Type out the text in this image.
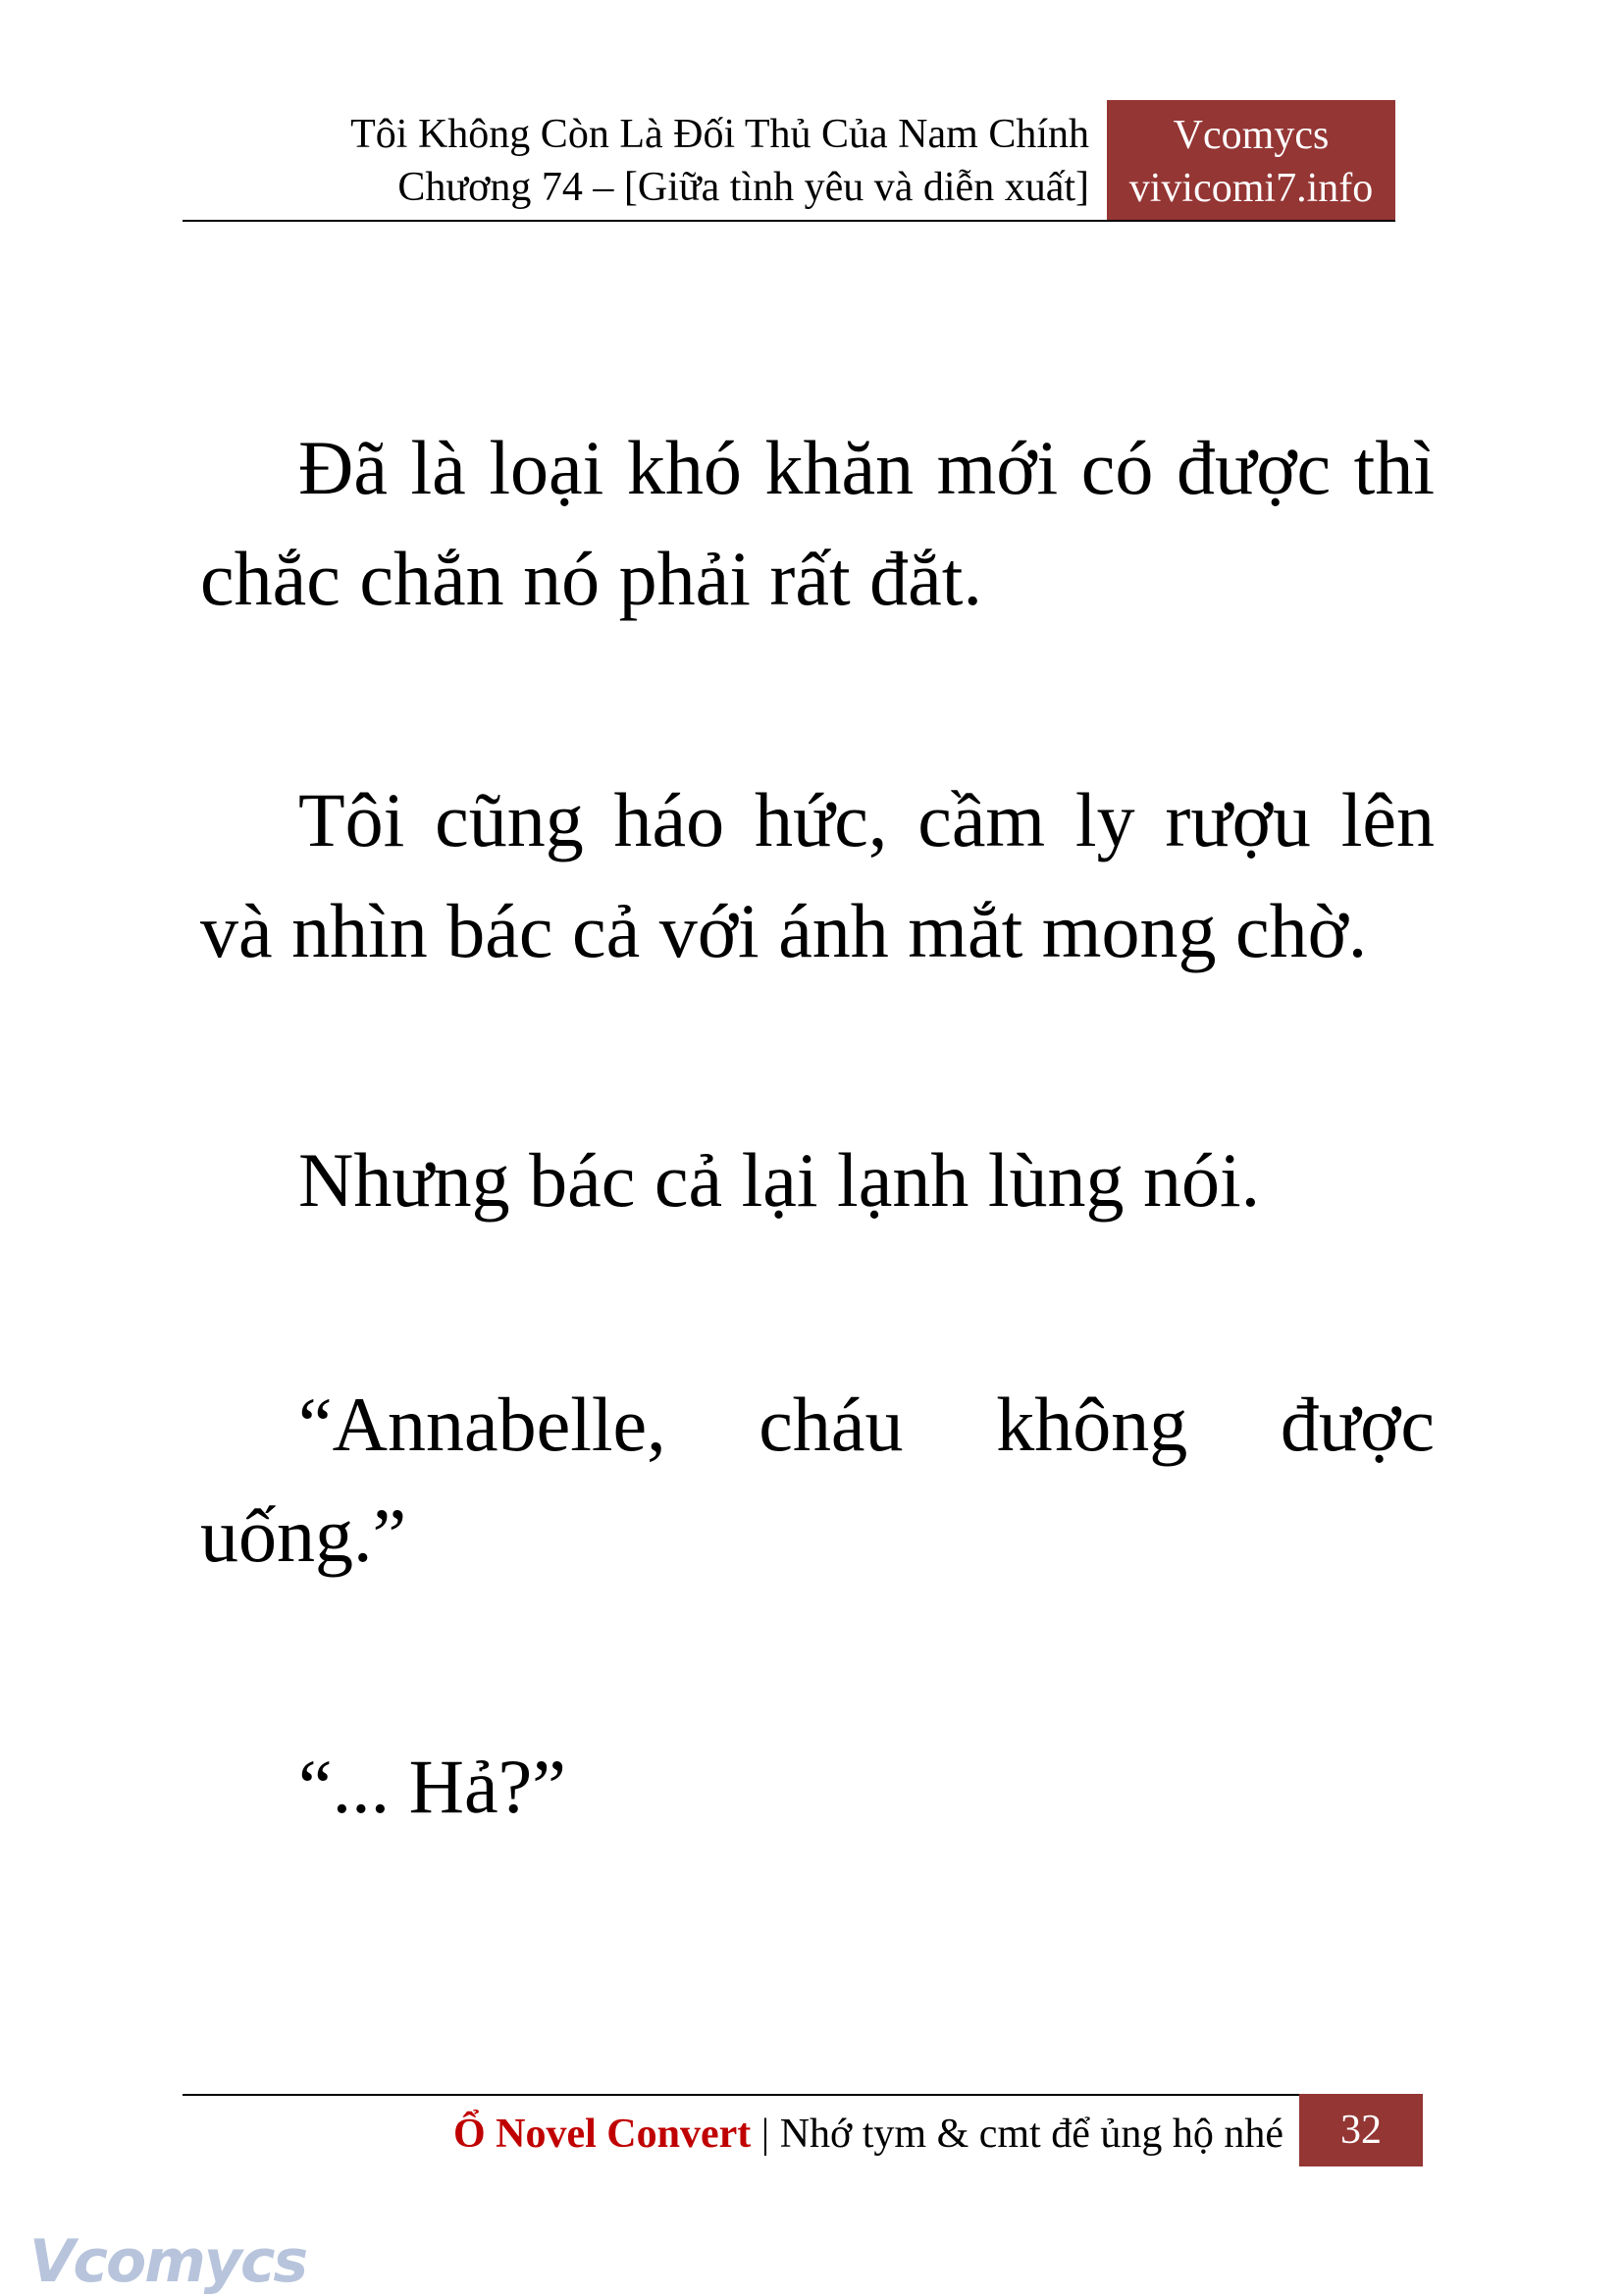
Tôi Không Còn Là Đối Thủ Của Nam Chính
Chương 74 – [Giữa tình yêu và diễn xuất]
Vcomycs
vivicomi7.info

Đã là loại khó khăn mới có được thì chắc chắn nó phải rất đắt.

Tôi cũng háo hức, cầm ly rượu lên và nhìn bác cả với ánh mắt mong chờ.

Nhưng bác cả lại lạnh lùng nói.

“Annabelle, cháu không được uống.”

“... Hả?”

Ổ Novel Convert | Nhớ tym & cmt để ủng hộ nhé	32
Vcomycs
